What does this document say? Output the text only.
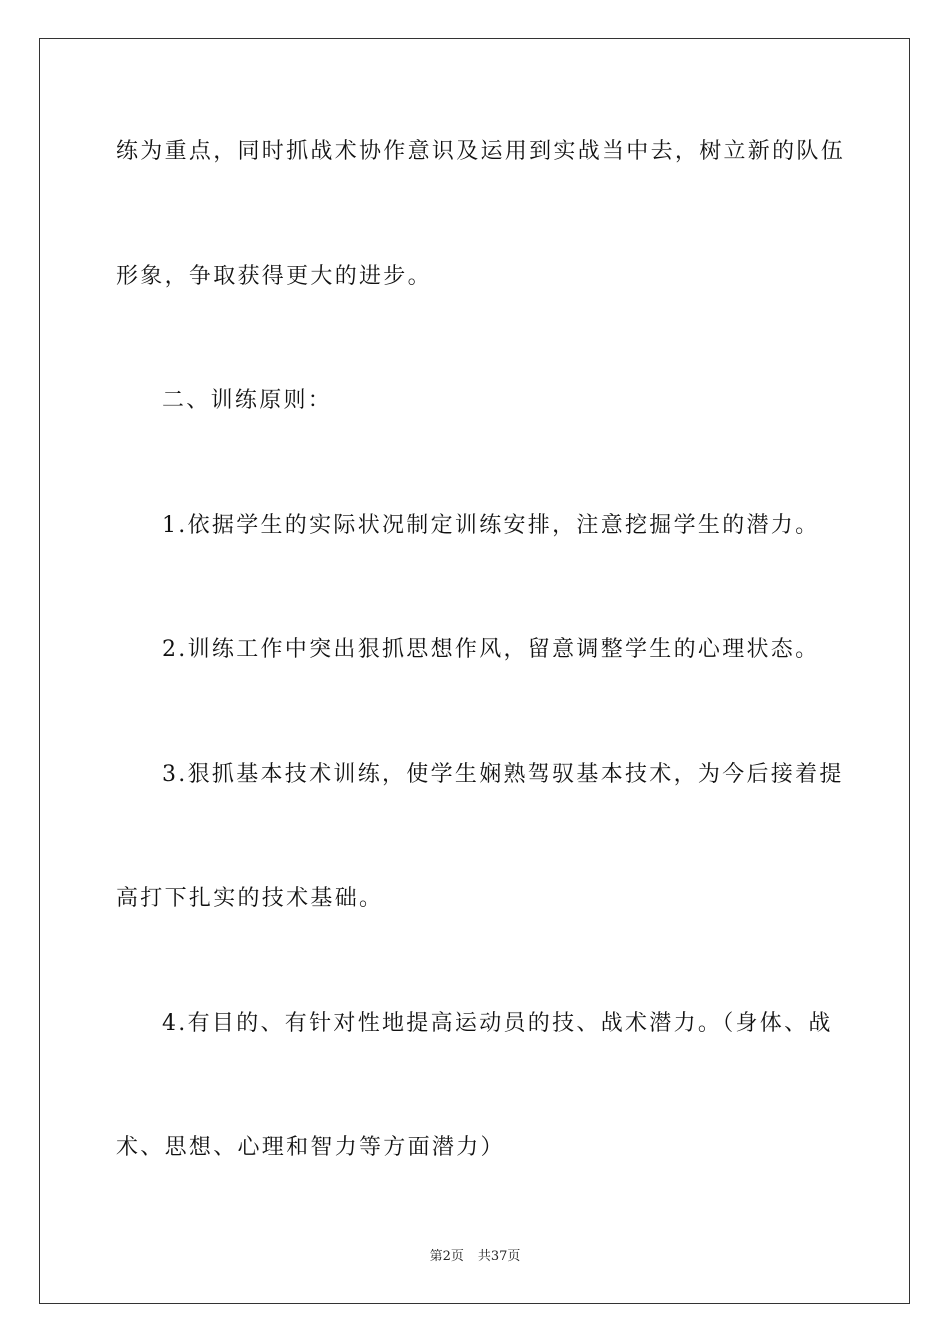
练为重点，同时抓战术协作意识及运用到实战当中去，树立新的队伍
形象，争取获得更大的进步。
二、训练原则：
1.依据学生的实际状况制定训练安排，注意挖掘学生的潜力。
2.训练工作中突出狠抓思想作风，留意调整学生的心理状态。
3.狠抓基本技术训练，使学生娴熟驾驭基本技术，为今后接着提
高打下扎实的技术基础。
4.有目的、有针对性地提高运动员的技、战术潜力。（身体、战
术、思想、心理和智力等方面潜力）
第2页 共37页
